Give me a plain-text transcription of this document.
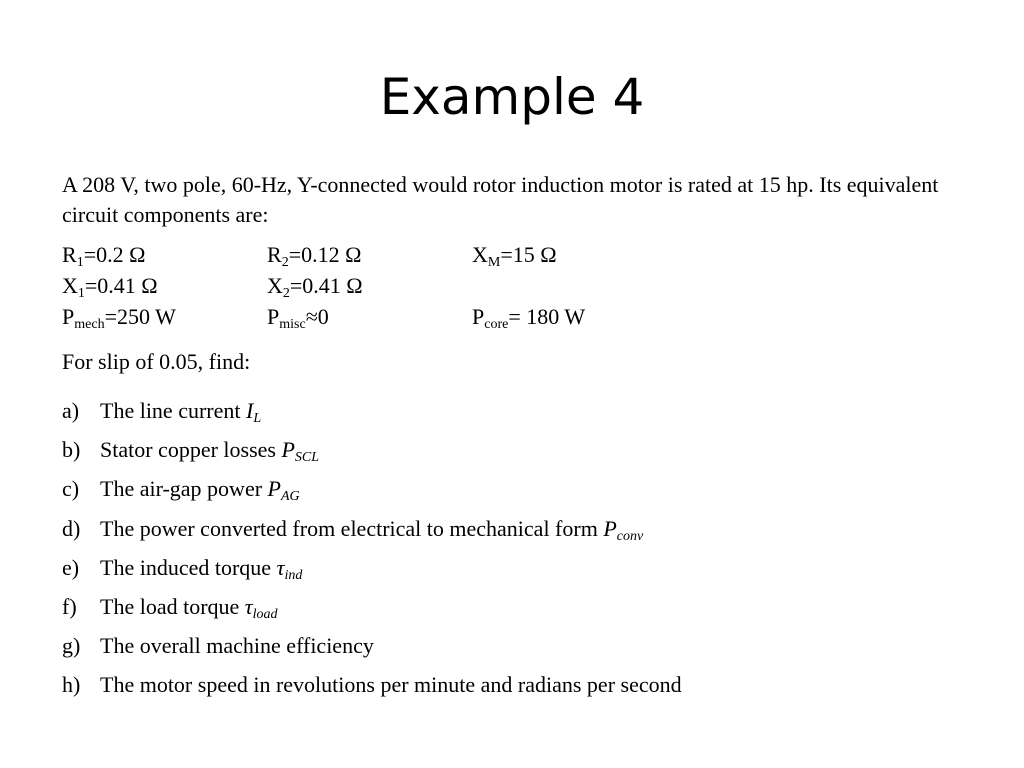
Example 4

A 208 V, two pole, 60-Hz, Y-connected would rotor induction motor is rated at 15 hp. Its equivalent circuit components are:

$R_1=0.2$ Ω	$R_2=0.12$ Ω	$X_M=15$ Ω
$X_1=0.41$ Ω	$X_2=0.41$ Ω
$P_{mech}=250$ W	$P_{misc}\approx 0$	$P_{core}= 180$ W

For slip of 0.05, find:

a) The line current $I_L$
b) Stator copper losses $P_{SCL}$
c) The air-gap power $P_{AG}$
d) The power converted from electrical to mechanical form $P_{conv}$
e) The induced torque $\tau_{ind}$
f)	The load torque $\tau_{load}$
g) The overall machine efficiency
h) The motor speed in revolutions per minute and radians per second
